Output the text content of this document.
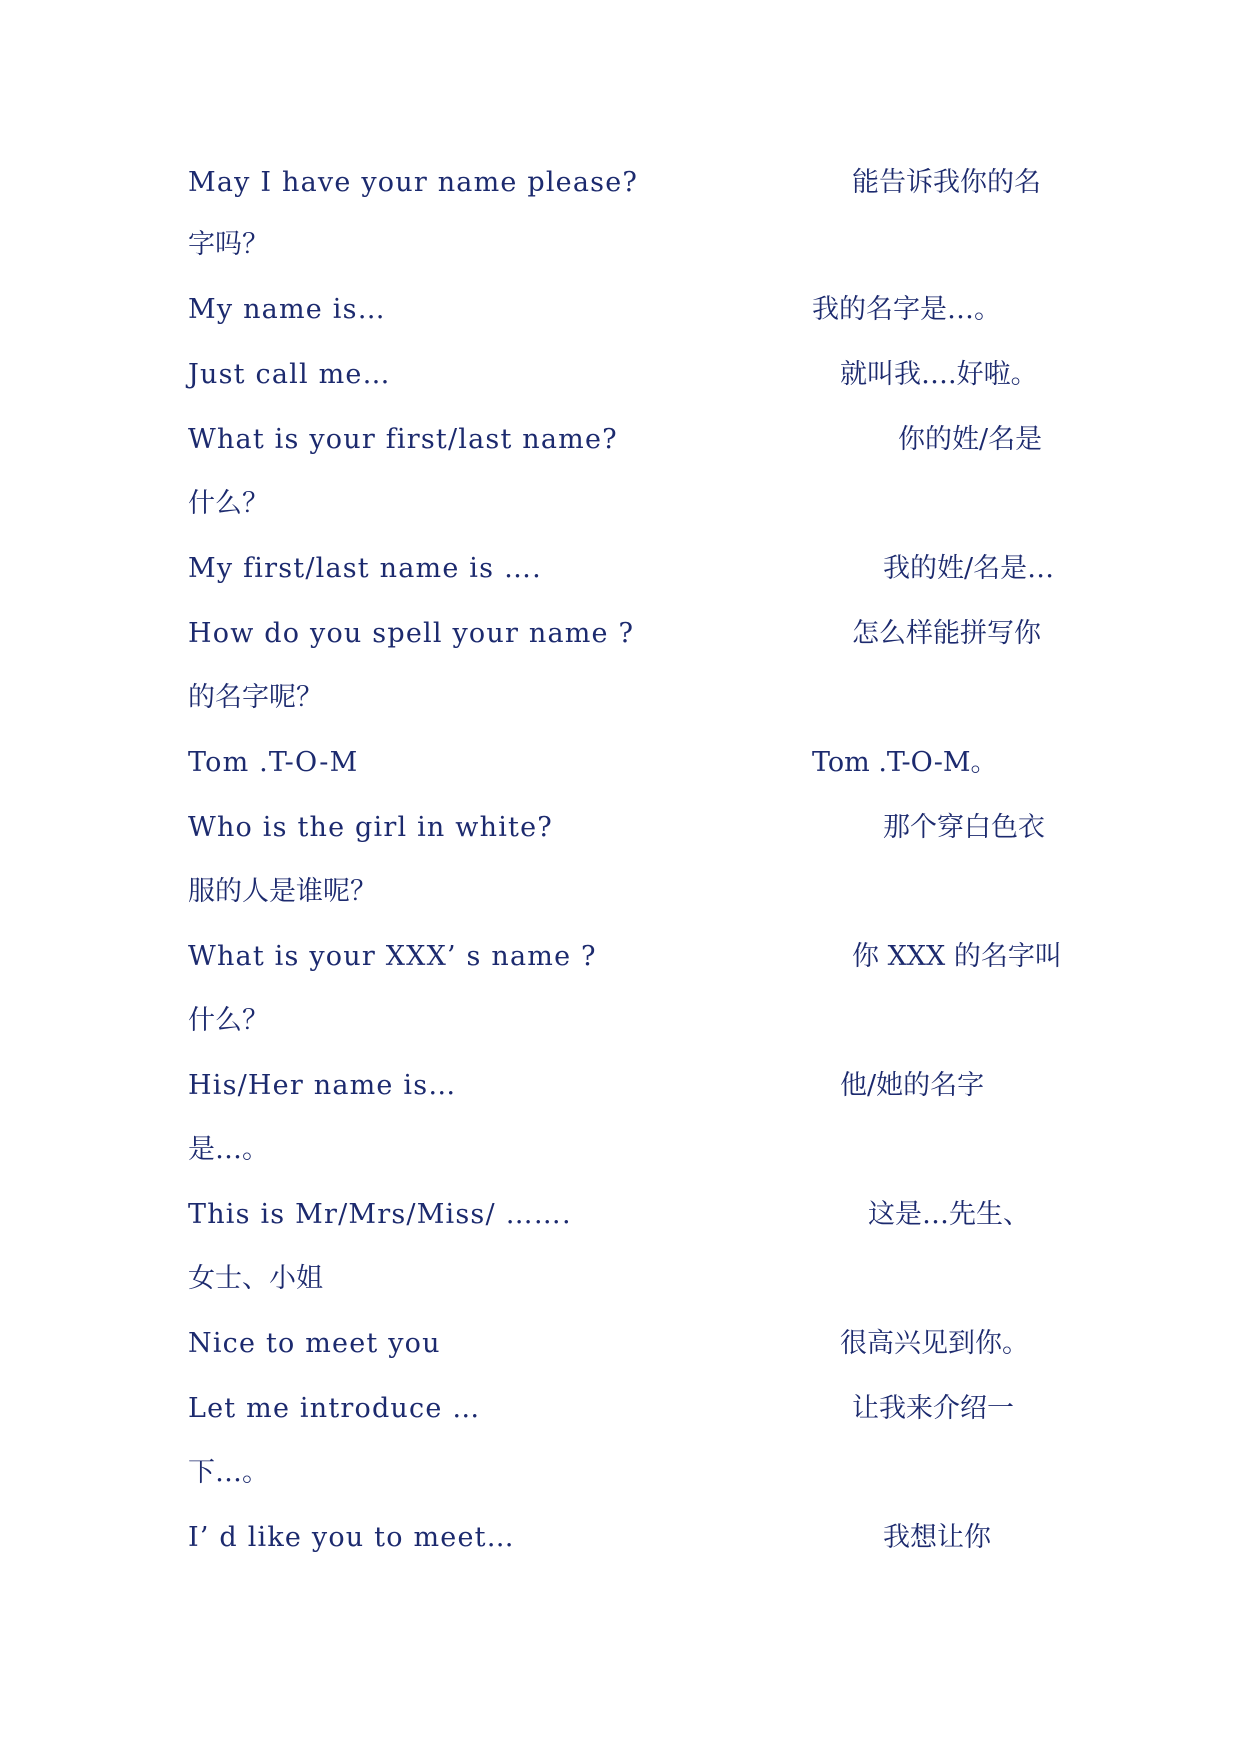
May I have your name please?	能告诉我你的名
字吗？
My name is…	我的名字是…。
Just call me…	就叫我….好啦。
What is your first/last name?	你的姓/名是
什么？
My first/last name is ….	我的姓/名是…
How do you spell your name ?	怎么样能拼写你
的名字呢？
Tom .T-O-M	Tom .T-O-M。
Who is the girl in white?	那个穿白色衣
服的人是谁呢？
What is your XXX’ s name ?	你 XXX 的名字叫
什么？
His/Her name is…	他/她的名字
是…。
This is Mr/Mrs/Miss/ …….	这是…先生、
女士、小姐
Nice to meet you	很高兴见到你。
Let me introduce …	让我来介绍一
下…。
I’ d like you to meet…	我想让你
